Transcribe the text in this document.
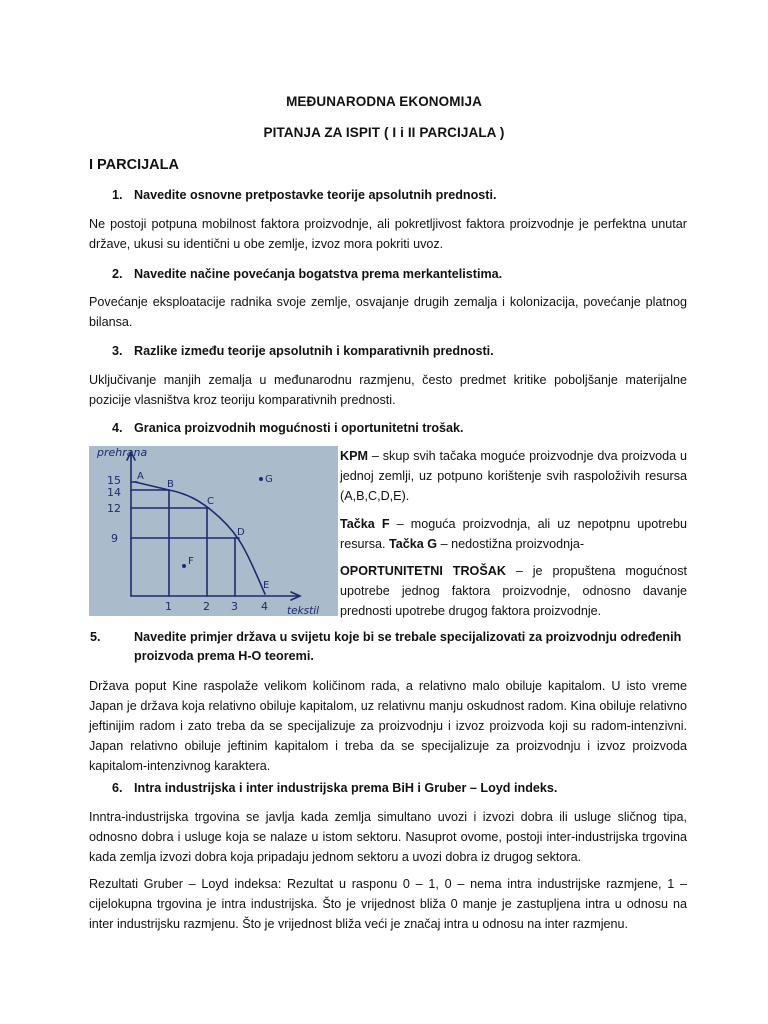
MEĐUNARODNA EKONOMIJA
PITANJA ZA ISPIT ( I i II PARCIJALA )
I PARCIJALA
1. Navedite osnovne pretpostavke teorije apsolutnih prednosti.
Ne postoji potpuna mobilnost faktora proizvodnje, ali pokretljivost faktora proizvodnje je perfektna unutar države, ukusi su identični u obe zemlje, izvoz mora pokriti uvoz.
2. Navedite načine povećanja bogatstva prema merkantelistima.
Povećanje eksploatacije radnika svoje zemlje, osvajanje drugih zemalja i kolonizacija, povećanje platnog bilansa.
3. Razlike između teorije apsolutnih i komparativnih prednosti.
Uključivanje manjih zemalja u međunarodnu razmjenu, često predmet kritike poboljšanje materijalne pozicije vlasništva kroz teoriju komparativnih prednosti.
4. Granica proizvodnih mogućnosti i oportunitetni trošak.
prehrana
15
14
12
9
1	2 3 4 tekstil
A
B
C
D
E
F
G
KPM – skup svih tačaka moguće proizvodnje dva proizvoda u jednoj zemlji, uz potpuno korištenje svih raspoloživih resursa (A,B,C,D,E).
Tačka F – moguća proizvodnja, ali uz nepotpnu upotrebu resursa. Tačka G – nedostižna proizvodnja-
OPORTUNITETNI TROŠAK – je propuštena mogućnost upotrebe jednog faktora proizvodnje, odnosno davanje prednosti upotrebe drugog faktora proizvodnje.
5.	Navedite primjer država u svijetu koje bi se trebale specijalizovati za proizvodnju određenih proizvoda prema H-O teoremi.
Država poput Kine raspolaže velikom količinom rada, a relativno malo obiluje kapitalom. U isto vreme Japan je država koja relativno obiluje kapitalom, uz relativnu manju oskudnost radom. Kina obiluje relativno jeftinijim radom i zato treba da se specijalizuje za proizvodnju i izvoz proizvoda koji su radom-intenzivni. Japan relativno obiluje jeftinim kapitalom i treba da se specijalizuje za proizvodnju i izvoz proizvoda kapitalom-intenzivnog karaktera.
6. Intra industrijska i inter industrijska prema BiH i Gruber – Loyd indeks.
Inntra-industrijska trgovina se javlja kada zemlja simultano uvozi i izvozi dobra ili usluge sličnog tipa, odnosno dobra i usluge koja se nalaze u istom sektoru. Nasuprot ovome, postoji inter-industrijska trgovina kada zemlja izvozi dobra koja pripadaju jednom sektoru a uvozi dobra iz drugog sektora.
Rezultati Gruber – Loyd indeksa: Rezultat u rasponu 0 – 1, 0 – nema intra industrijske razmjene, 1 – cijelokupna trgovina je intra industrijska. Što je vrijednost bliža 0 manje je zastupljena intra u odnosu na inter industrijsku razmjenu. Što je vrijednost bliža veći je značaj intra u odnosu na inter razmjenu.
